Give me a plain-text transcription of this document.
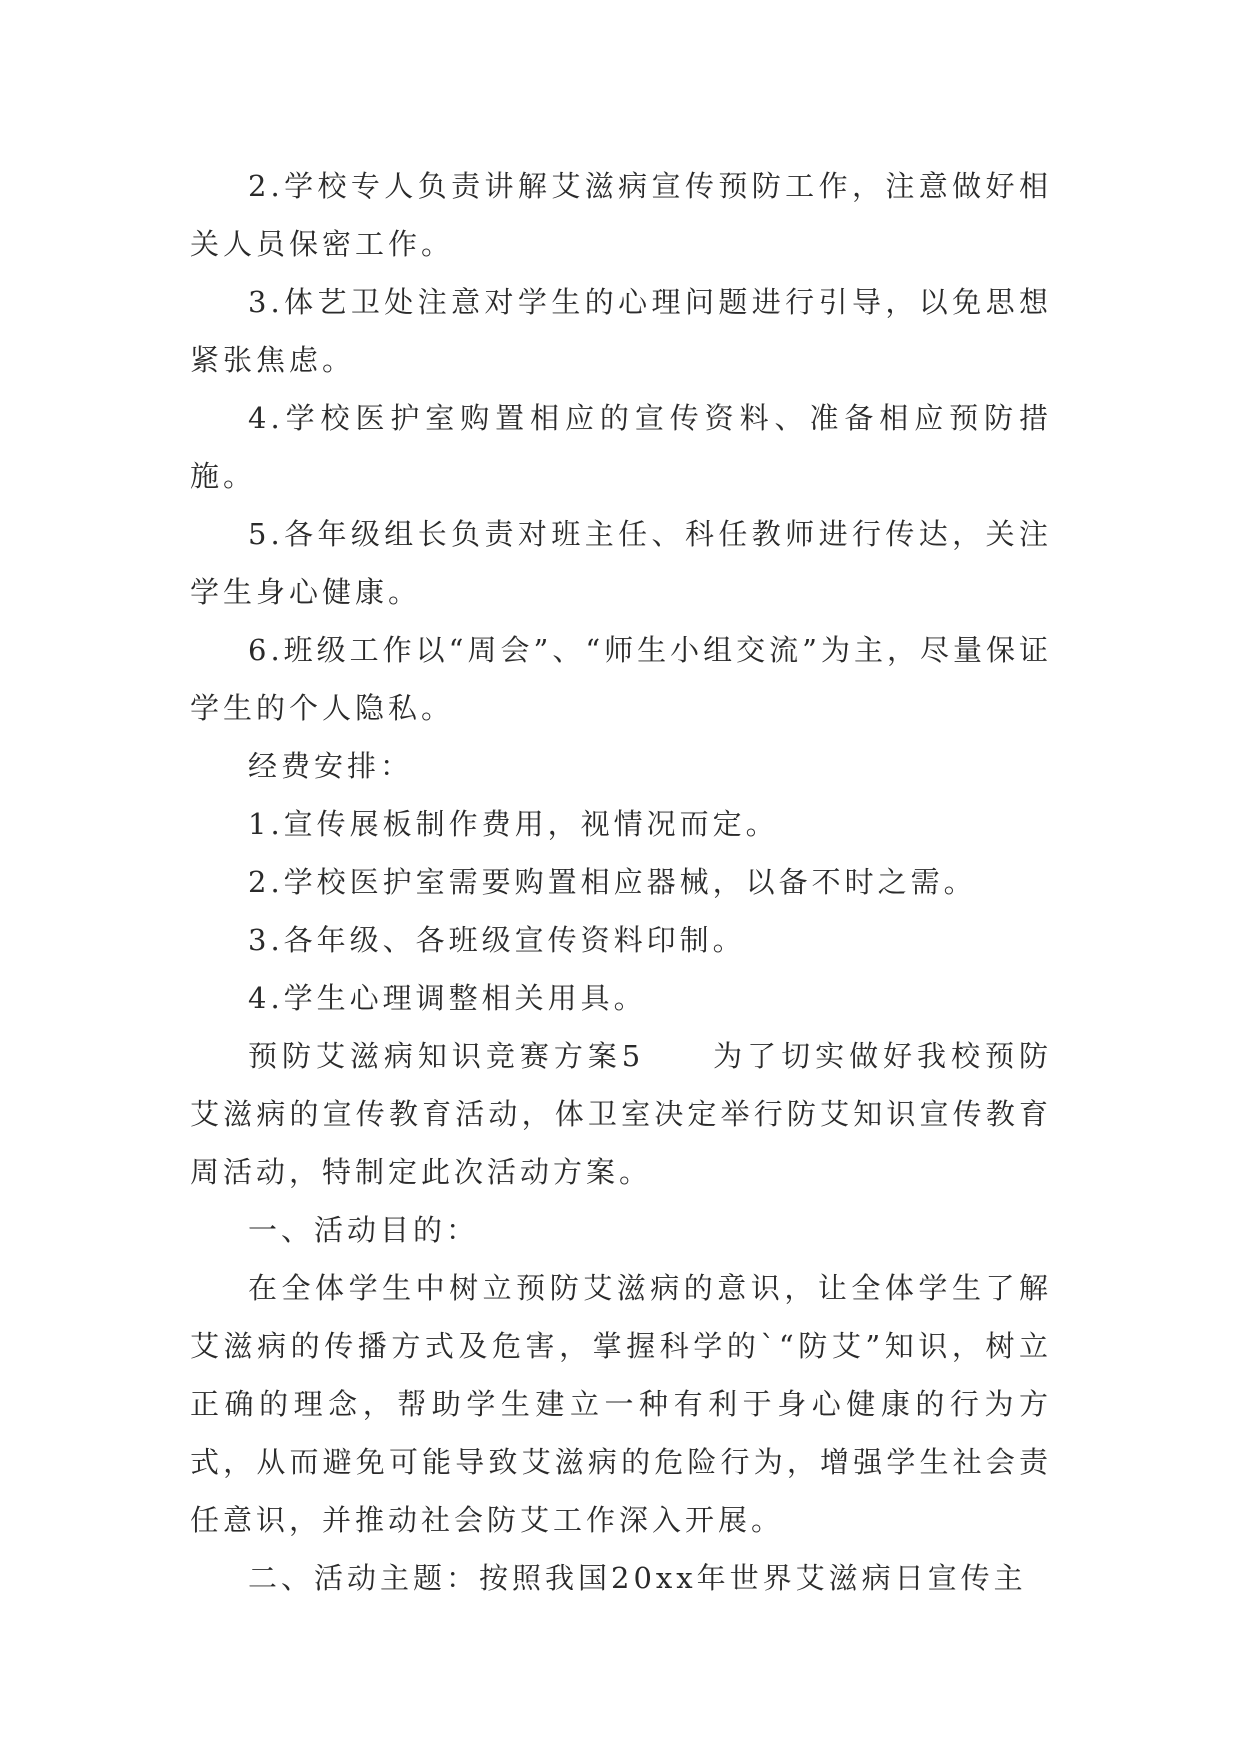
2.学校专人负责讲解艾滋病宣传预防工作，注意做好相关人员保密工作。

3.体艺卫处注意对学生的心理问题进行引导，以免思想紧张焦虑。

4.学校医护室购置相应的宣传资料、准备相应预防措施。

5.各年级组长负责对班主任、科任教师进行传达，关注学生身心健康。

6.班级工作以“周会”、“师生小组交流”为主，尽量保证学生的个人隐私。

经费安排：

1.宣传展板制作费用，视情况而定。

2.学校医护室需要购置相应器械，以备不时之需。

3.各年级、各班级宣传资料印制。

4.学生心理调整相关用具。

预防艾滋病知识竞赛方案5　　为了切实做好我校预防艾滋病的宣传教育活动，体卫室决定举行防艾知识宣传教育周活动，特制定此次活动方案。

一、活动目的：

在全体学生中树立预防艾滋病的意识，让全体学生了解艾滋病的传播方式及危害，掌握科学的`“防艾”知识，树立正确的理念，帮助学生建立一种有利于身心健康的行为方式，从而避免可能导致艾滋病的危险行为，增强学生社会责任意识，并推动社会防艾工作深入开展。

二、活动主题：按照我国20xx年世界艾滋病日宣传主
